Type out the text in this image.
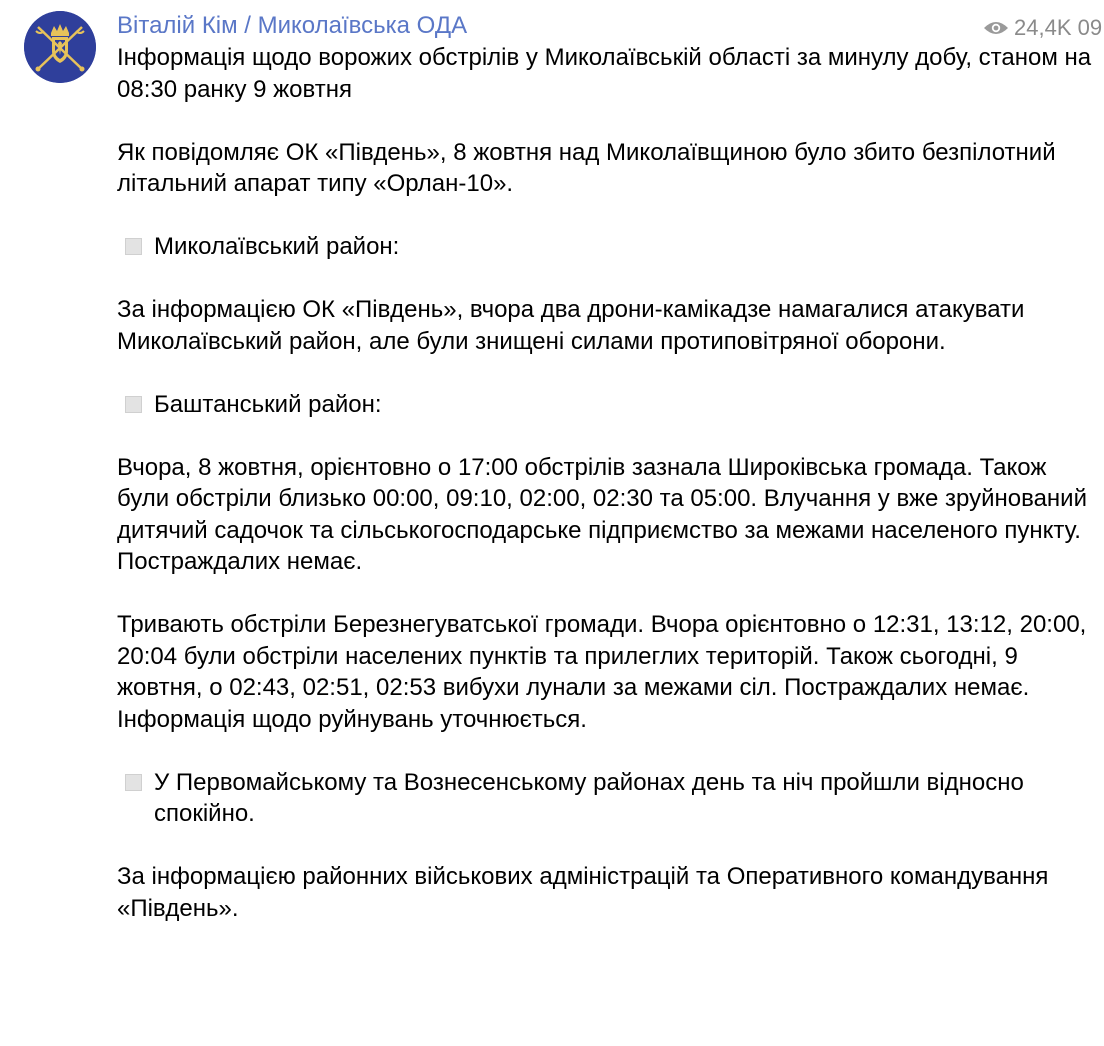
Віталій Кім / Миколаївська ОДА	24,4K 09

Інформація щодо ворожих обстрілів у Миколаївській області за минулу добу, станом на 08:30 ранку 9 жовтня

Як повідомляє ОК «Південь», 8 жовтня над Миколаївщиною було збито безпілотний літальний апарат типу «Орлан-10».

Миколаївський район:

За інформацією ОК «Південь», вчора два дрони-камікадзе намагалися атакувати Миколаївський район, але були знищені силами протиповітряної оборони.

Баштанський район:

Вчора, 8 жовтня, орієнтовно о 17:00 обстрілів зазнала Широківська громада. Також були обстріли близько 00:00, 09:10, 02:00, 02:30 та 05:00. Влучання у вже зруйнований дитячий садочок та сільськогосподарське підприємство за межами населеного пункту. Постраждалих немає.

Тривають обстріли Березнегуватської громади. Вчора орієнтовно о 12:31, 13:12, 20:00, 20:04 були обстріли населених пунктів та прилеглих територій. Також сьогодні, 9 жовтня, о 02:43, 02:51, 02:53 вибухи лунали за межами сіл. Постраждалих немає. Інформація щодо руйнувань уточнюється.

У Первомайському та Вознесенському районах день та ніч пройшли відносно спокійно.

За інформацією районних військових адміністрацій та Оперативного командування «Південь».
